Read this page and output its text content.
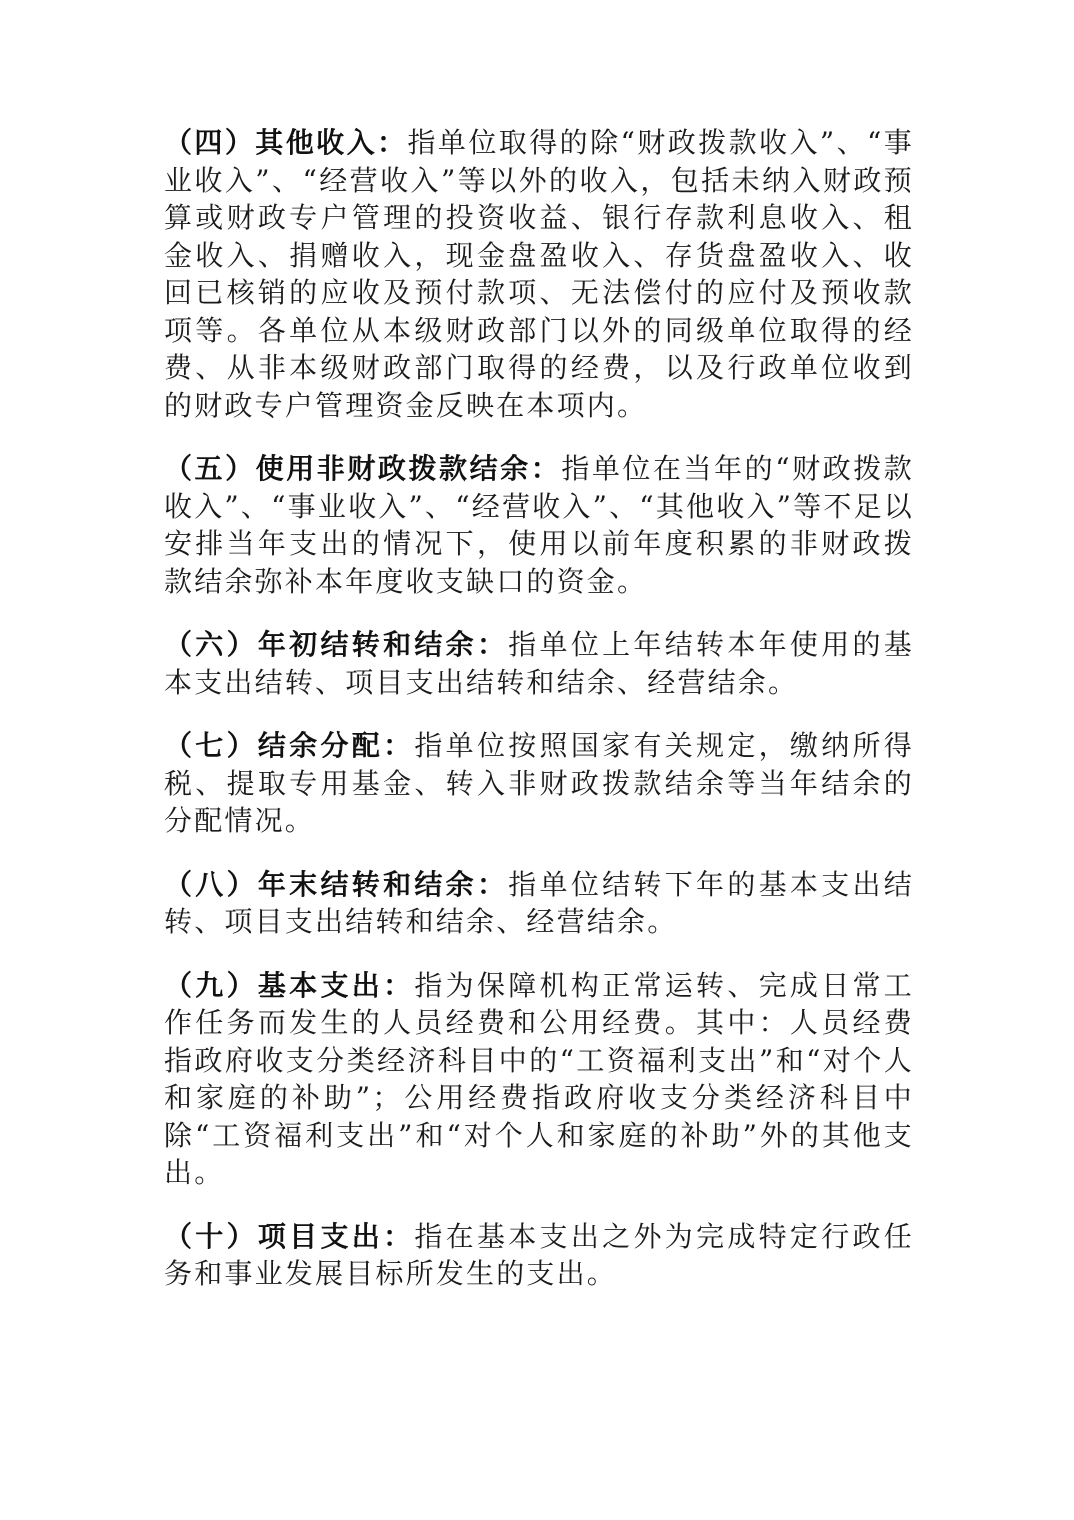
（四）其他收入：指单位取得的除“财政拨款收入”、“事业收入”、“经营收入”等以外的收入，包括未纳入财政预算或财政专户管理的投资收益、银行存款利息收入、租金收入、捐赠收入，现金盘盈收入、存货盘盈收入、收回已核销的应收及预付款项、无法偿付的应付及预收款项等。各单位从本级财政部门以外的同级单位取得的经费、从非本级财政部门取得的经费，以及行政单位收到的财政专户管理资金反映在本项内。

（五）使用非财政拨款结余：指单位在当年的“财政拨款收入”、“事业收入”、“经营收入”、“其他收入”等不足以安排当年支出的情况下，使用以前年度积累的非财政拨款结余弥补本年度收支缺口的资金。

（六）年初结转和结余：指单位上年结转本年使用的基本支出结转、项目支出结转和结余、经营结余。

（七）结余分配：指单位按照国家有关规定，缴纳所得税、提取专用基金、转入非财政拨款结余等当年结余的分配情况。

（八）年末结转和结余：指单位结转下年的基本支出结转、项目支出结转和结余、经营结余。

（九）基本支出：指为保障机构正常运转、完成日常工作任务而发生的人员经费和公用经费。其中：人员经费指政府收支分类经济科目中的“工资福利支出”和“对个人和家庭的补助”；公用经费指政府收支分类经济科目中除“工资福利支出”和“对个人和家庭的补助”外的其他支出。

（十）项目支出：指在基本支出之外为完成特定行政任务和事业发展目标所发生的支出。
